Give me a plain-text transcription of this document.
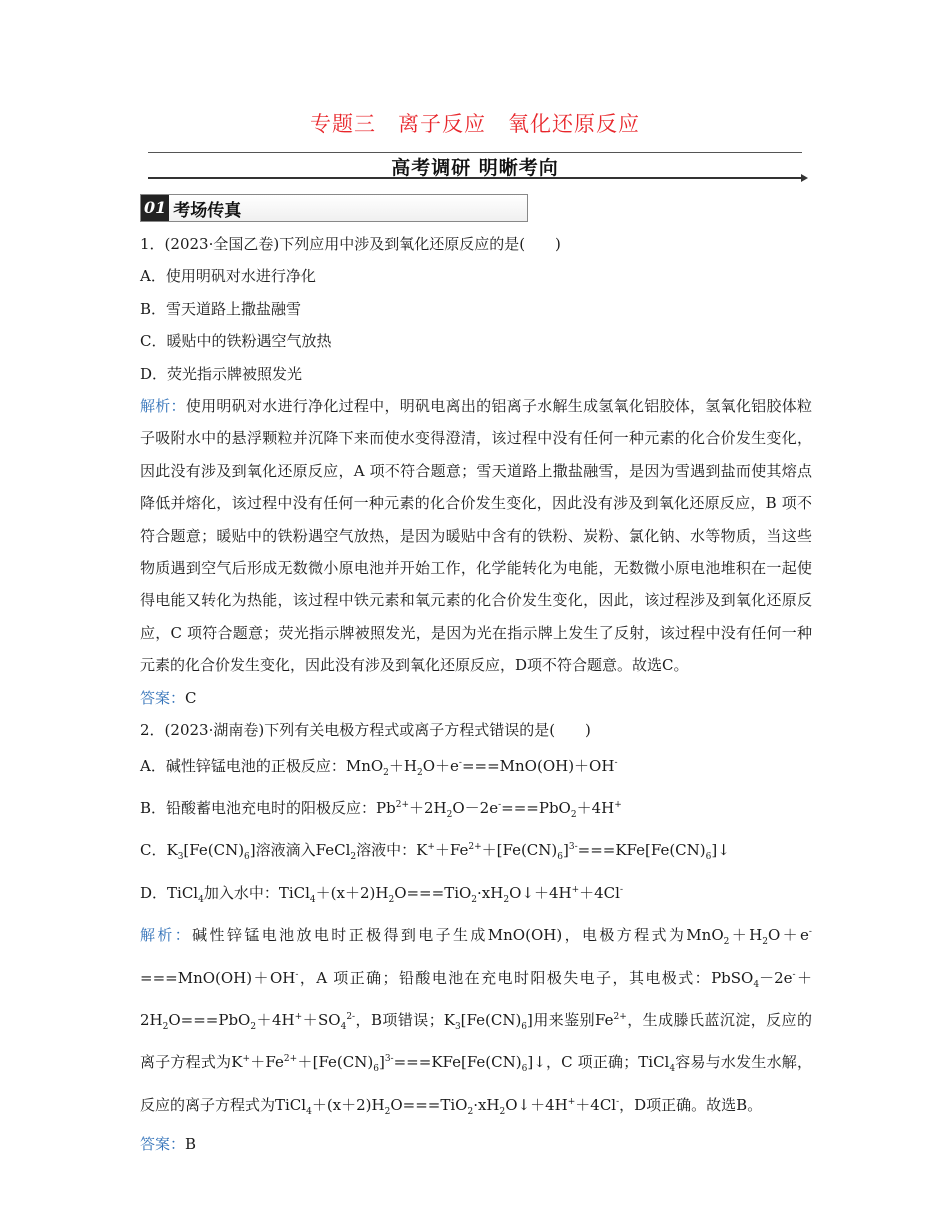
专题三　离子反应　氧化还原反应
高考调研 明晰考向
01 考场传真
1．(2023·全国乙卷)下列应用中涉及到氧化还原反应的是(　　)
A．使用明矾对水进行净化
B．雪天道路上撒盐融雪
C．暖贴中的铁粉遇空气放热
D．荧光指示牌被照发光
解析：使用明矾对水进行净化过程中，明矾电离出的铝离子水解生成氢氧化铝胶体，氢氧化铝胶体粒子吸附水中的悬浮颗粒并沉降下来而使水变得澄清，该过程中没有任何一种元素的化合价发生变化，因此没有涉及到氧化还原反应，A 项不符合题意；雪天道路上撒盐融雪，是因为雪遇到盐而使其熔点降低并熔化，该过程中没有任何一种元素的化合价发生变化，因此没有涉及到氧化还原反应，B 项不符合题意；暖贴中的铁粉遇空气放热，是因为暖贴中含有的铁粉、炭粉、氯化钠、水等物质，当这些物质遇到空气后形成无数微小原电池并开始工作，化学能转化为电能，无数微小原电池堆积在一起使得电能又转化为热能，该过程中铁元素和氧元素的化合价发生变化，因此，该过程涉及到氧化还原反应，C 项符合题意；荧光指示牌被照发光，是因为光在指示牌上发生了反射，该过程中没有任何一种元素的化合价发生变化，因此没有涉及到氧化还原反应，D项不符合题意。故选C。
答案：C
2．(2023·湖南卷)下列有关电极方程式或离子方程式错误的是(　　)
A．碱性锌锰电池的正极反应：$MnO_2+H_2O+e^-===MnO(OH)+OH^-$
B．铅酸蓄电池充电时的阳极反应：$Pb^{2+}+2H_2O-2e^-===PbO_2+4H^+$
C．$K_3[Fe(CN)_6]$溶液滴入FeCl$_2$溶液中：$K^++Fe^{2+}+[Fe(CN)_6]^{3-}===KFe[Fe(CN)_6]↓$
D．TiCl$_4$加入水中：$TiCl_4+(x+2)H_2O===TiO_2\cdot xH_2O↓+4H^++4Cl^-$
解析：碱性锌锰电池放电时正极得到电子生成MnO(OH)，电极方程式为$MnO_2+H_2O+e^-===MnO(OH)+OH^-$，A 项正确；铅酸电池在充电时阳极失电子，其电极式：$PbSO_4-2e^-+2H_2O===PbO_2+4H^++SO_4^{2-}$，B项错误；$K_3[Fe(CN)_6]$用来鉴别$Fe^{2+}$，生成滕氏蓝沉淀，反应的离子方程式为$K^++Fe^{2+}+[Fe(CN)_6]^{3-}===KFe[Fe(CN)_6]↓$，C 项正确；TiCl$_4$容易与水发生水解，反应的离子方程式为$TiCl_4+(x+2)H_2O===TiO_2\cdot xH_2O↓+4H^++4Cl^-$，D项正确。故选B。
答案：B
